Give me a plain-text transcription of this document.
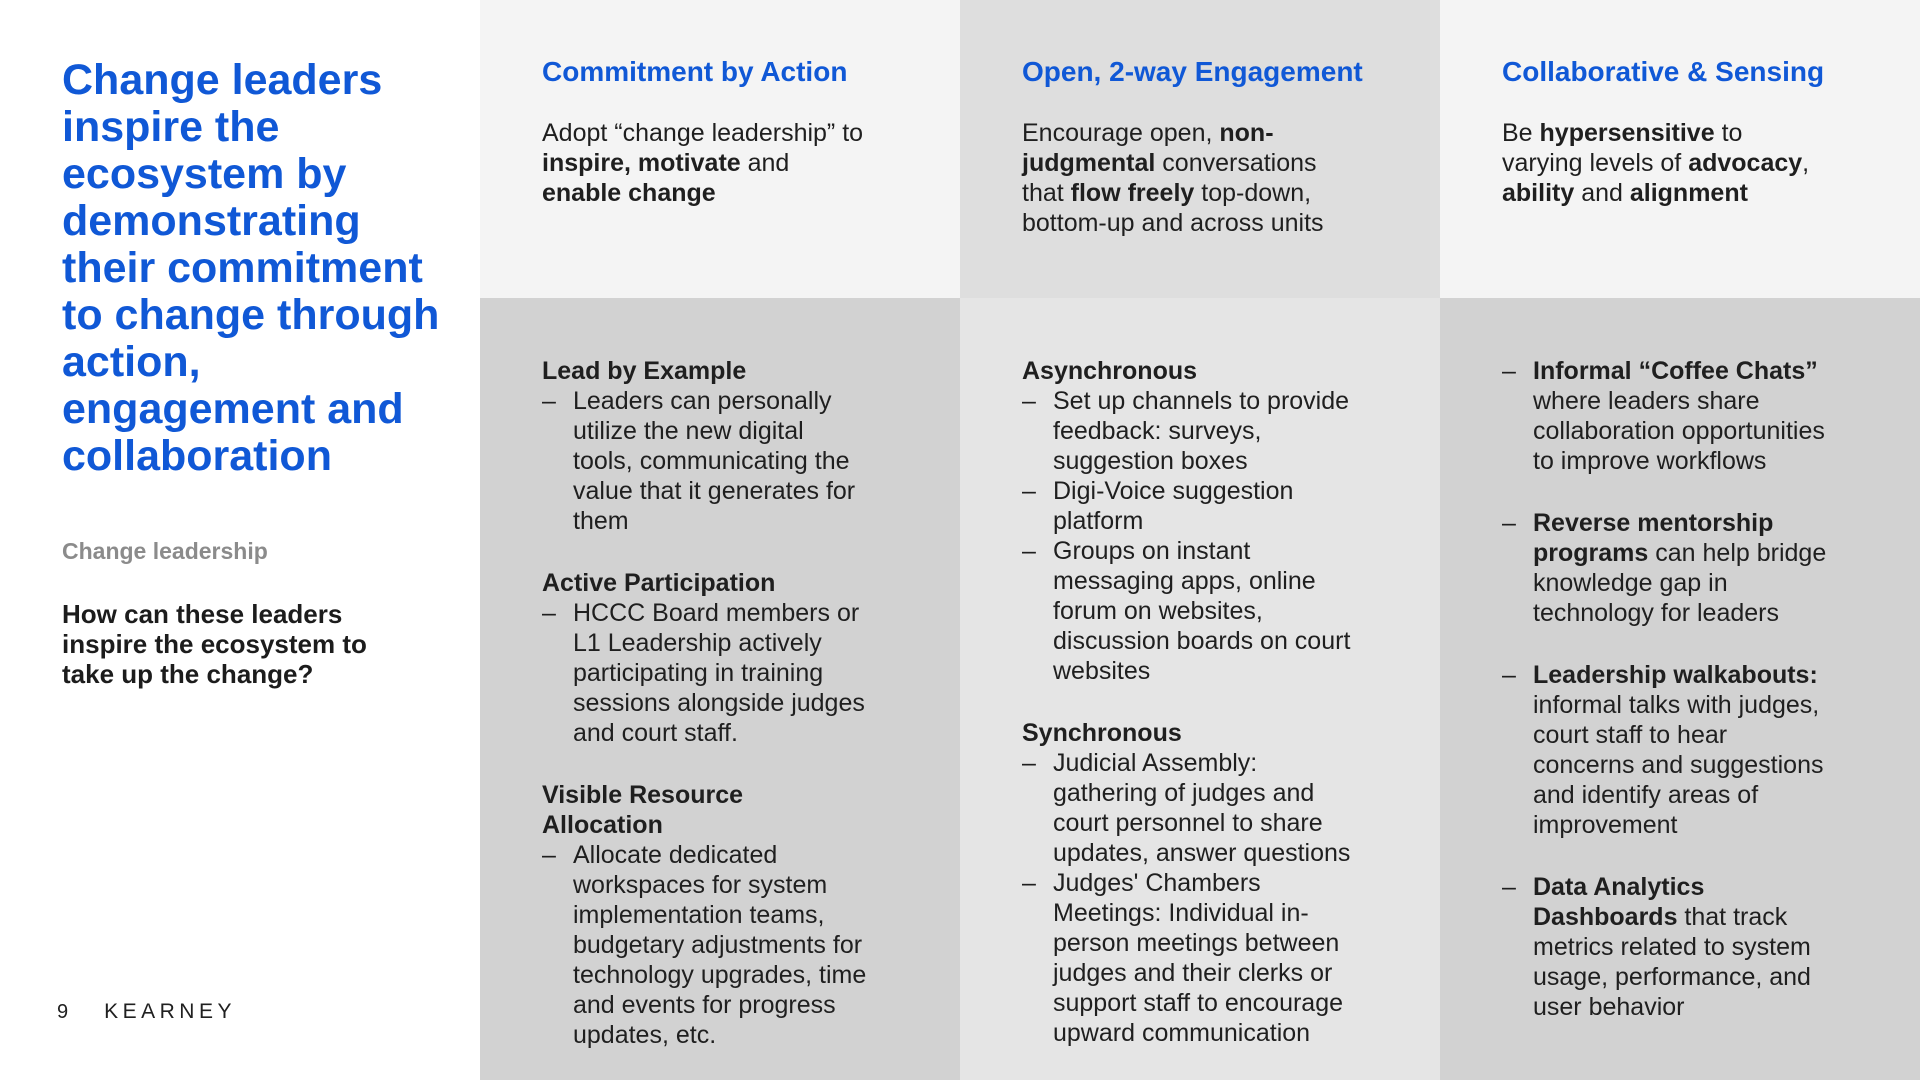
Change leaders
inspire the
ecosystem by
demonstrating
their commitment
to change through
action,
engagement and
collaboration
Change leadership
How can these leaders
inspire the ecosystem to
take up the change?
9 KEARNEY
Commitment by Action
Adopt “change leadership” to
inspire, motivate and
enable change
Lead by Example
– Leaders can personally
utilize the new digital
tools, communicating the
value that it generates for
them
Active Participation
– HCCC Board members or
L1 Leadership actively
participating in training
sessions alongside judges
and court staff.
Visible Resource
Allocation
– Allocate dedicated
workspaces for system
implementation teams,
budgetary adjustments for
technology upgrades, time
and events for progress
updates, etc.
Open, 2-way Engagement
Encourage open, non-
judgmental conversations
that flow freely top-down,
bottom-up and across units
Asynchronous
– Set up channels to provide
feedback: surveys,
suggestion boxes
– Digi-Voice suggestion
platform
– Groups on instant
messaging apps, online
forum on websites,
discussion boards on court
websites
Synchronous
– Judicial Assembly:
gathering of judges and
court personnel to share
updates, answer questions
– Judges' Chambers
Meetings: Individual in-
person meetings between
judges and their clerks or
support staff to encourage
upward communication
Collaborative & Sensing
Be hypersensitive to
varying levels of advocacy,
ability and alignment
– Informal “Coffee Chats”
where leaders share
collaboration opportunities
to improve workflows
– Reverse mentorship
programs can help bridge
knowledge gap in
technology for leaders
– Leadership walkabouts:
informal talks with judges,
court staff to hear
concerns and suggestions
and identify areas of
improvement
– Data Analytics
Dashboards that track
metrics related to system
usage, performance, and
user behavior
